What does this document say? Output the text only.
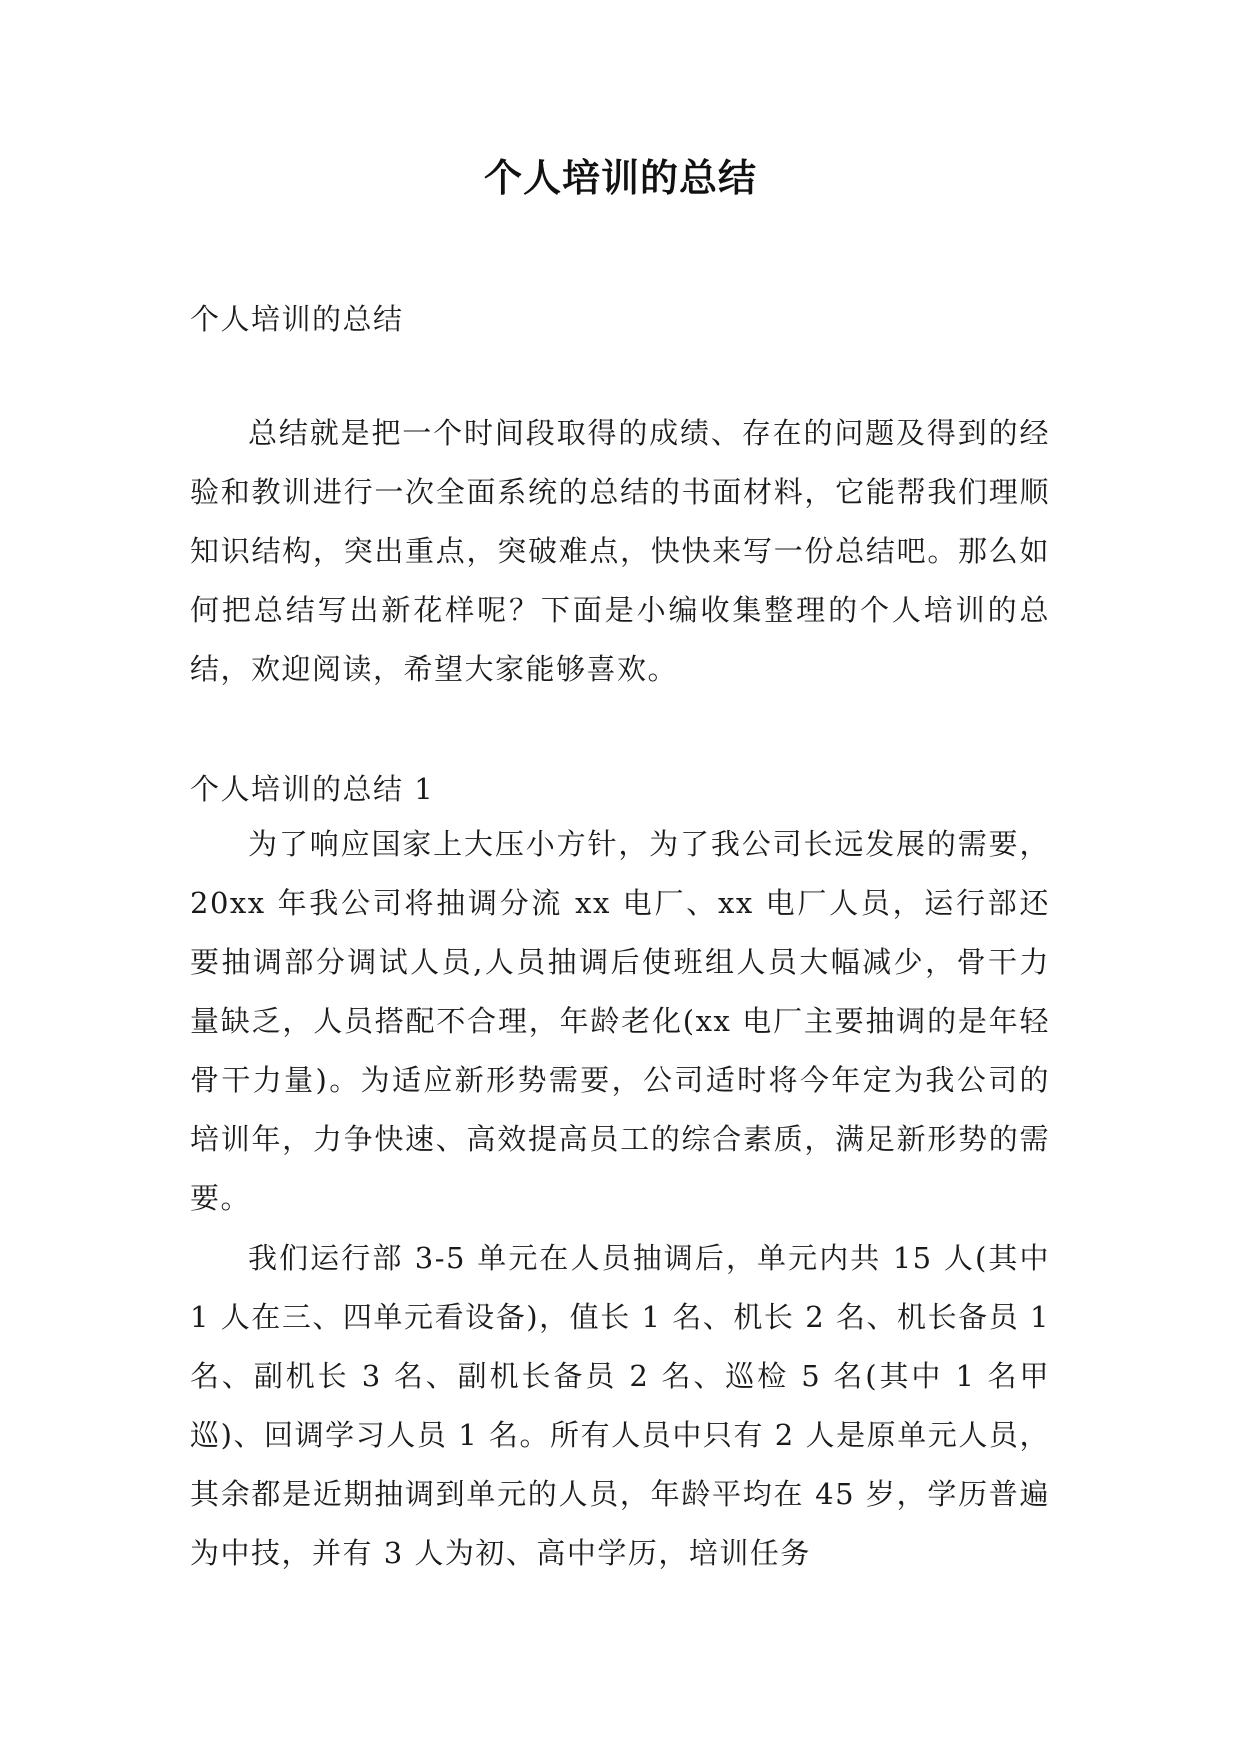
个人培训的总结

个人培训的总结

总结就是把一个时间段取得的成绩、存在的问题及得到的经验和教训进行一次全面系统的总结的书面材料，它能帮我们理顺知识结构，突出重点，突破难点，快快来写一份总结吧。那么如何把总结写出新花样呢？下面是小编收集整理的个人培训的总结，欢迎阅读，希望大家能够喜欢。

个人培训的总结 1

为了响应国家上大压小方针，为了我公司长远发展的需要，20xx 年我公司将抽调分流 xx 电厂、xx 电厂人员，运行部还要抽调部分调试人员,人员抽调后使班组人员大幅减少，骨干力量缺乏，人员搭配不合理，年龄老化(xx 电厂主要抽调的是年轻骨干力量)。为适应新形势需要，公司适时将今年定为我公司的培训年，力争快速、高效提高员工的综合素质，满足新形势的需要。

我们运行部 3-5 单元在人员抽调后，单元内共 15 人(其中 1 人在三、四单元看设备)，值长 1 名、机长 2 名、机长备员 1 名、副机长 3 名、副机长备员 2 名、巡检 5 名(其中 1 名甲巡)、回调学习人员 1 名。所有人员中只有 2 人是原单元人员，其余都是近期抽调到单元的人员，年龄平均在 45 岁，学历普遍为中技，并有 3 人为初、高中学历，培训任务
